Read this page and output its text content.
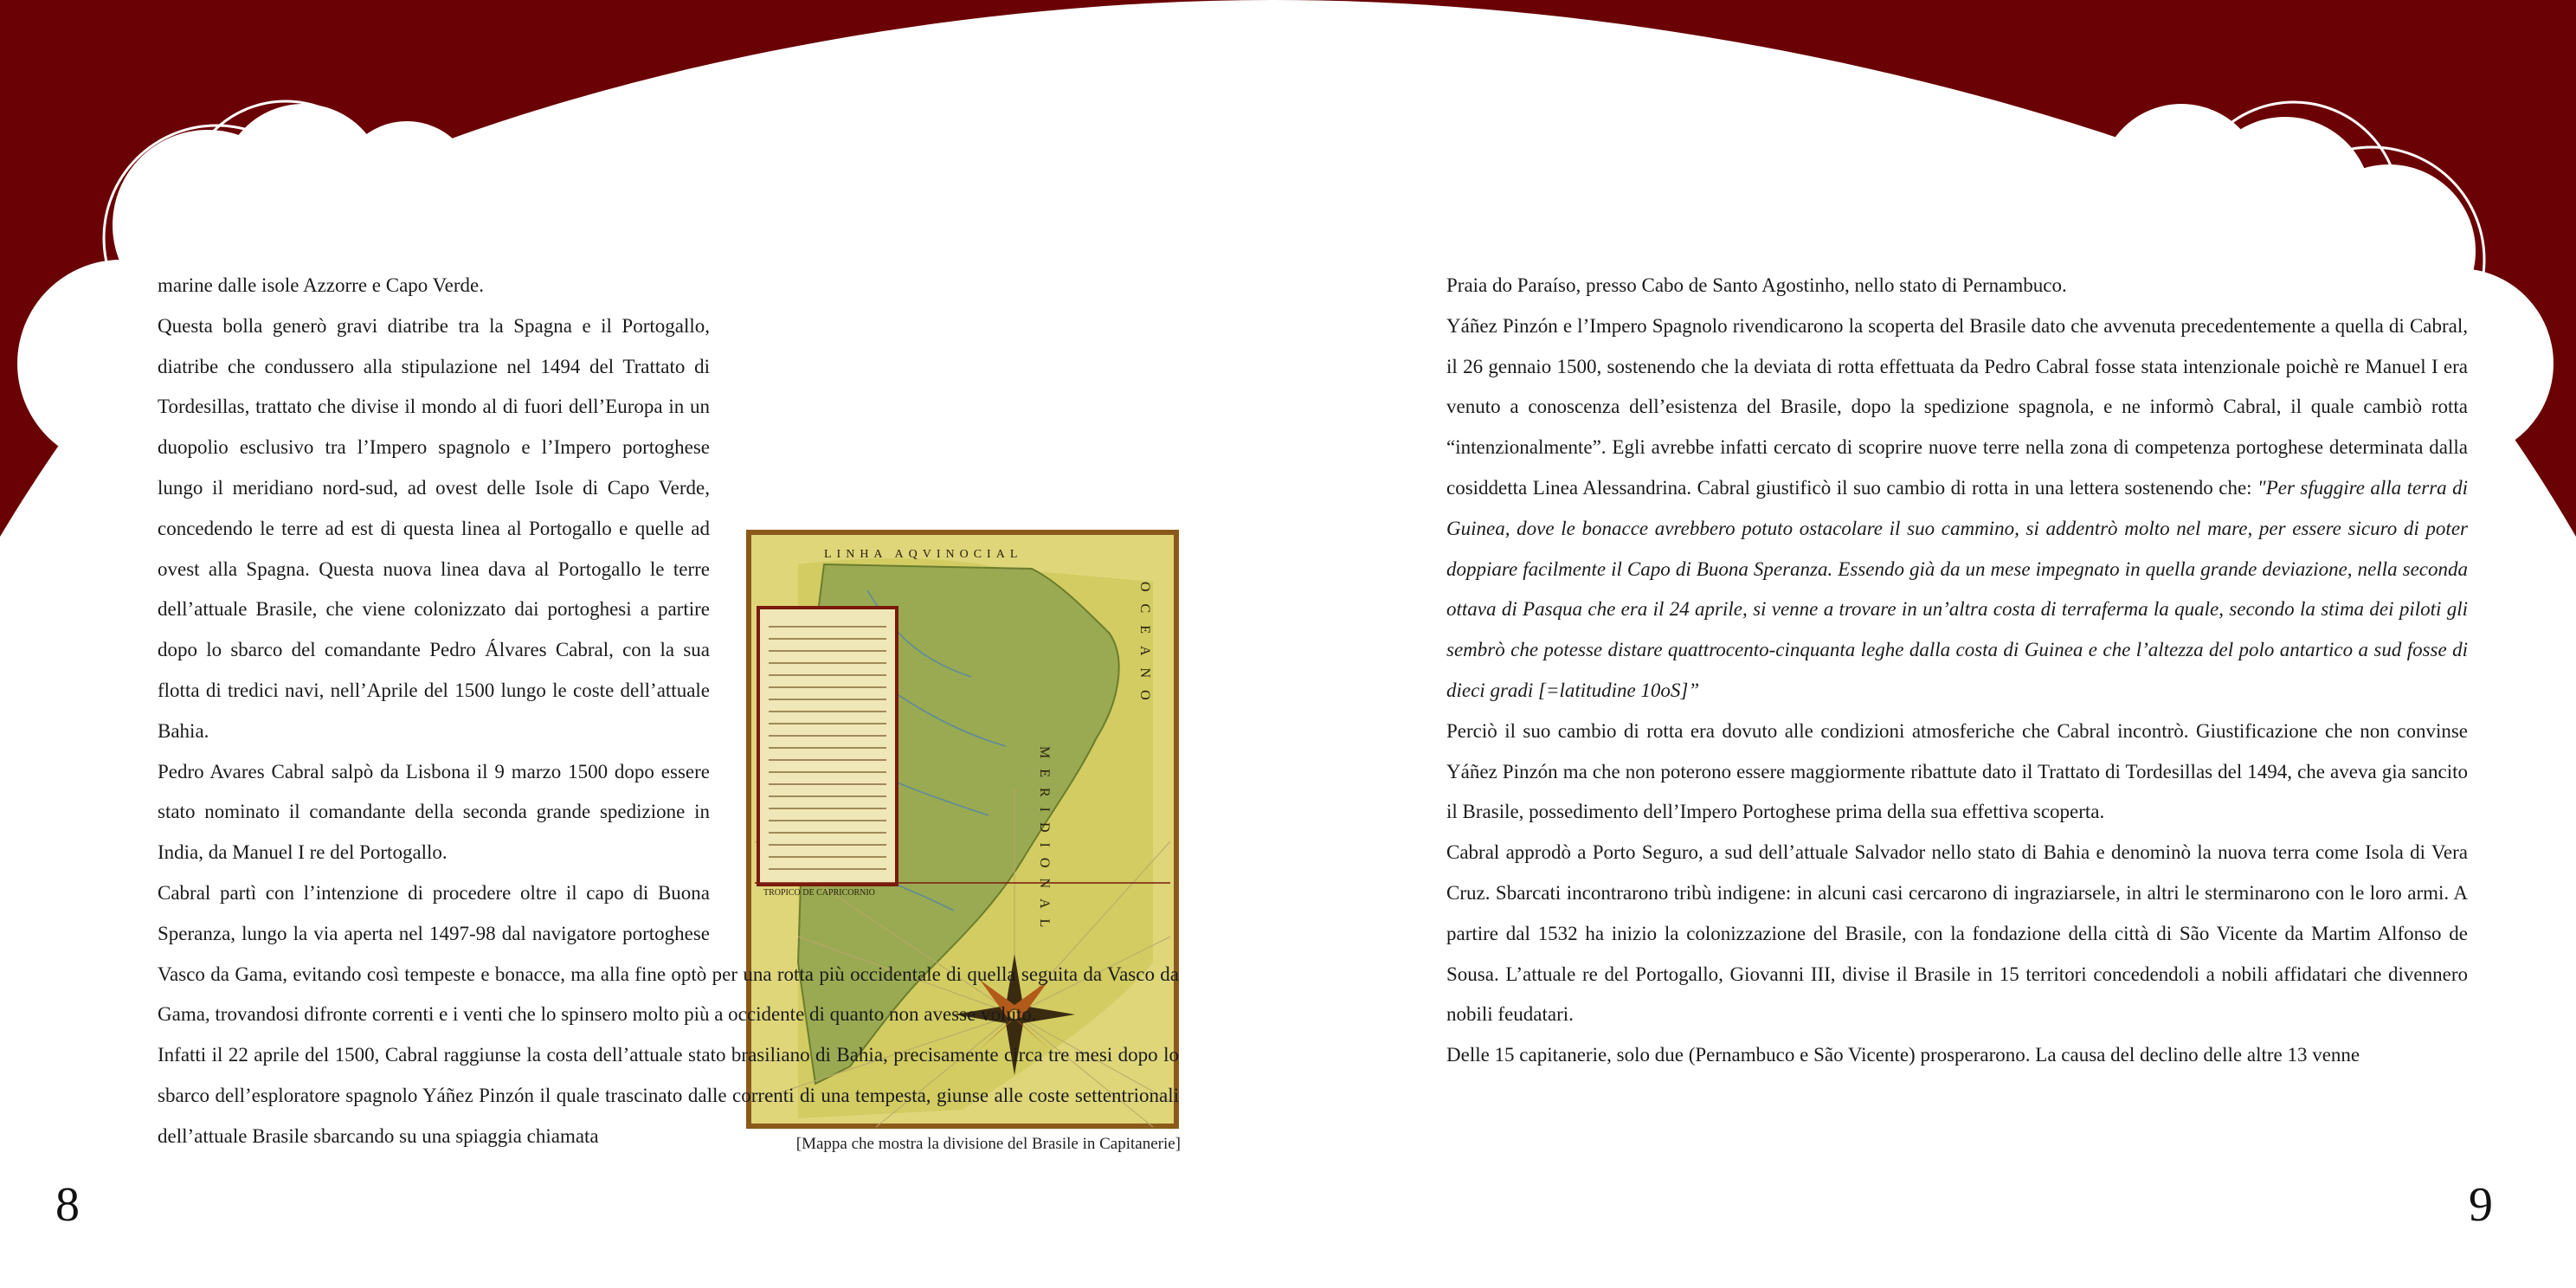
LINHA AQVINOCIAL
TROPICO DE CAPRICORNIO
OCEANO
MERIDIONAL
[Mappa che mostra la divisione del Brasile in Capitanerie]

marine dalle isole Azzorre e Capo Verde.

Questa bolla generò gravi diatribe tra la Spagna e il Portogallo, diatribe che condussero alla stipulazione nel 1494 del Trattato di Tordesillas, trattato che divise il mondo al di fuori dell’Europa in un duopolio esclusivo tra l’Impero spagnolo e l’Impero portoghese lungo il meridiano nord-sud, ad ovest delle Isole di Capo Verde, concedendo le terre ad est di questa linea al Portogallo e quelle ad ovest alla Spagna. Questa nuova linea dava al Portogallo le terre dell’attuale Brasile, che viene colonizzato dai portoghesi a partire dopo lo sbarco del comandante Pedro Álvares Cabral, con la sua flotta di tredici navi, nell’Aprile del 1500 lungo le coste dell’attuale Bahia.

Pedro Avares Cabral salpò da Lisbona il 9 marzo 1500 dopo essere stato nominato il comandante della seconda grande spedizione in India, da Manuel I re del Portogallo.

Cabral partì con l’intenzione di procedere oltre il capo di Buona Speranza, lungo la via aperta nel 1497-98 dal navigatore portoghese Vasco da Gama, evitando così tempeste e bonacce, ma alla fine optò per una rotta più occidentale di quella seguita da Vasco da Gama, trovandosi difronte correnti e i venti che lo spinsero molto più a occidente di quanto non avesse voluto.

Infatti il 22 aprile del 1500, Cabral raggiunse la costa dell’attuale stato brasiliano di Bahia, precisamente circa tre mesi dopo lo sbarco dell’esploratore spagnolo Yáñez Pinzón il quale trascinato dalle correnti di una tempesta, giunse alle coste settentrionali dell’attuale Brasile sbarcando su una spiaggia chiamata

Praia do Paraíso, presso Cabo de Santo Agostinho, nello stato di Pernambuco.

Yáñez Pinzón e l’Impero Spagnolo rivendicarono la scoperta del Brasile dato che avvenuta precedentemente a quella di Cabral, il 26 gennaio 1500, sostenendo che la deviata di rotta effettuata da Pedro Cabral fosse stata intenzionale poichè re Manuel I era venuto a conoscenza dell’esistenza del Brasile, dopo la spedizione spagnola, e ne informò Cabral, il quale cambiò rotta “intenzionalmente”. Egli avrebbe infatti cercato di scoprire nuove terre nella zona di competenza portoghese determinata dalla cosiddetta Linea Alessandrina. Cabral giustificò il suo cambio di rotta in una lettera sostenendo che: "Per sfuggire alla terra di Guinea, dove le bonacce avrebbero potuto ostacolare il suo cammino, si addentrò molto nel mare, per essere sicuro di poter doppiare facilmente il Capo di Buona Speranza. Essendo già da un mese impegnato in quella grande deviazione, nella seconda ottava di Pasqua che era il 24 aprile, si venne a trovare in un’altra costa di terraferma la quale, secondo la stima dei piloti gli sembrò che potesse distare quattrocento-cinquanta leghe dalla costa di Guinea e che l’altezza del polo antartico a sud fosse di dieci gradi [=latitudine 10oS]”

Perciò il suo cambio di rotta era dovuto alle condizioni atmosferiche che Cabral incontrò. Giustificazione che non convinse Yáñez Pinzón ma che non poterono essere maggiormente ribattute dato il Trattato di Tordesillas del 1494, che aveva gia sancito il Brasile, possedimento dell’Impero Portoghese prima della sua effettiva scoperta.

Cabral approdò a Porto Seguro, a sud dell’attuale Salvador nello stato di Bahia e denominò la nuova terra come Isola di Vera Cruz. Sbarcati incontrarono tribù indigene: in alcuni casi cercarono di ingraziarsele, in altri le sterminarono con le loro armi. A partire dal 1532 ha inizio la colonizzazione del Brasile, con la fondazione della città di São Vicente da Martim Alfonso de Sousa. L’attuale re del Portogallo, Giovanni III, divise il Brasile in 15 territori concedendoli a nobili affidatari che divennero nobili feudatari.

Delle 15 capitanerie, solo due (Pernambuco e São Vicente) prosperarono. La causa del declino delle altre 13 venne

8	9
